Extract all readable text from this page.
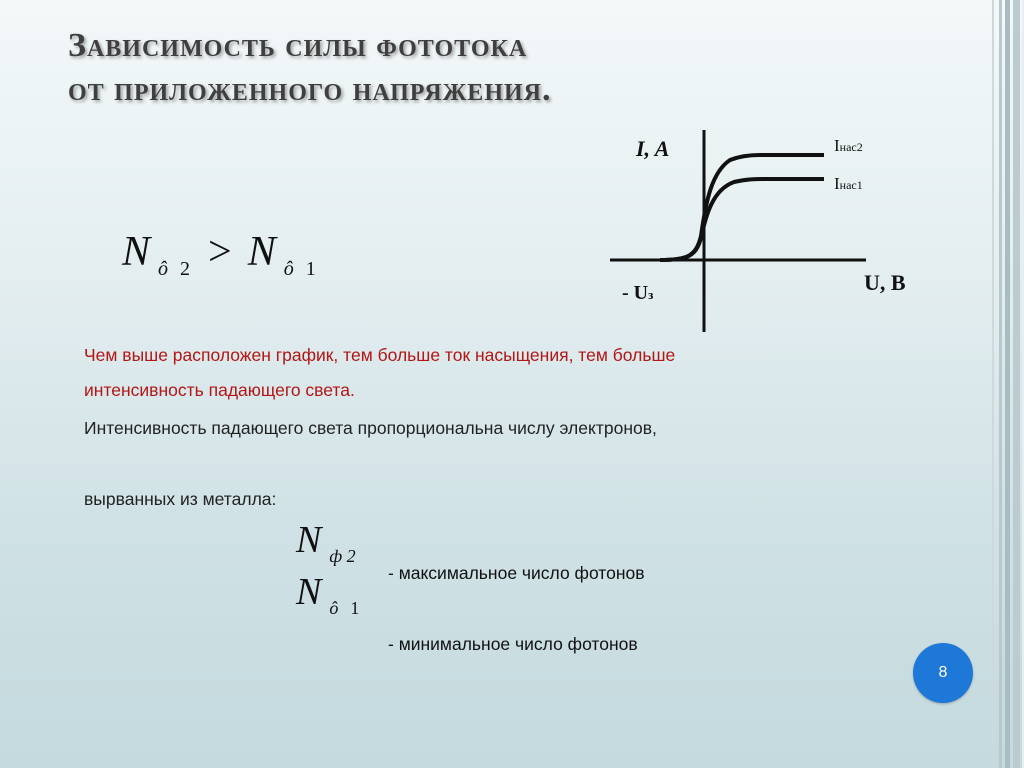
Зависимость силы фототока
от приложенного напряжения.
N ô 2 > N ô 1
I, A
U, B
- Uз
Iнас2
Iнас1
Чем выше расположен график, тем больше ток насыщения, тем больше
интенсивность падающего света.
Интенсивность падающего света пропорциональна числу электронов,
вырванных из металла:
N ф 2
N ô 1
- максимальное число фотонов
- минимальное число фотонов
8
